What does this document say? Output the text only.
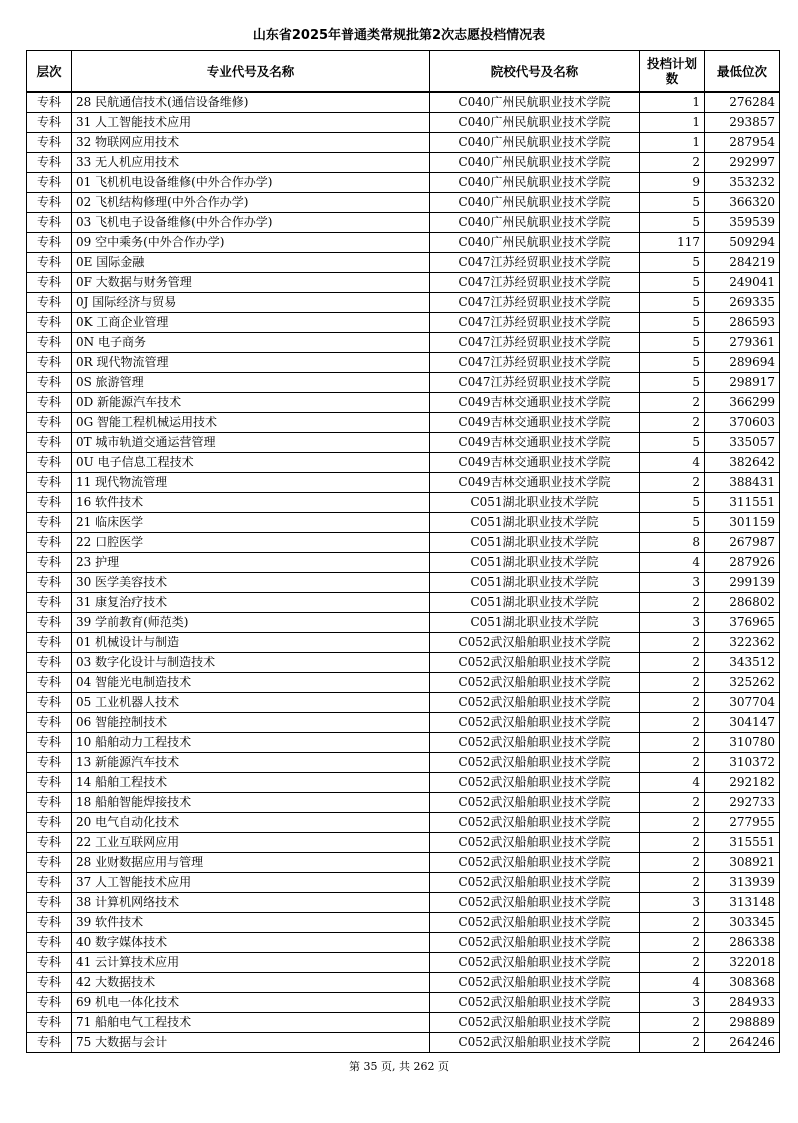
山东省2025年普通类常规批第2次志愿投档情况表
层次	专业代号及名称	院校代号及名称	投档计划数	最低位次
专科	28 民航通信技术(通信设备维修)	C040广州民航职业技术学院	1	276284
专科	31 人工智能技术应用	C040广州民航职业技术学院	1	293857
专科	32 物联网应用技术	C040广州民航职业技术学院	1	287954
专科	33 无人机应用技术	C040广州民航职业技术学院	2	292997
专科	01 飞机机电设备维修(中外合作办学)	C040广州民航职业技术学院	9	353232
专科	02 飞机结构修理(中外合作办学)	C040广州民航职业技术学院	5	366320
专科	03 飞机电子设备维修(中外合作办学)	C040广州民航职业技术学院	5	359539
专科	09 空中乘务(中外合作办学)	C040广州民航职业技术学院	117	509294
专科	0E 国际金融	C047江苏经贸职业技术学院	5	284219
专科	0F 大数据与财务管理	C047江苏经贸职业技术学院	5	249041
专科	0J 国际经济与贸易	C047江苏经贸职业技术学院	5	269335
专科	0K 工商企业管理	C047江苏经贸职业技术学院	5	286593
专科	0N 电子商务	C047江苏经贸职业技术学院	5	279361
专科	0R 现代物流管理	C047江苏经贸职业技术学院	5	289694
专科	0S 旅游管理	C047江苏经贸职业技术学院	5	298917
专科	0D 新能源汽车技术	C049吉林交通职业技术学院	2	366299
专科	0G 智能工程机械运用技术	C049吉林交通职业技术学院	2	370603
专科	0T 城市轨道交通运营管理	C049吉林交通职业技术学院	5	335057
专科	0U 电子信息工程技术	C049吉林交通职业技术学院	4	382642
专科	11 现代物流管理	C049吉林交通职业技术学院	2	388431
专科	16 软件技术	C051湖北职业技术学院	5	311551
专科	21 临床医学	C051湖北职业技术学院	5	301159
专科	22 口腔医学	C051湖北职业技术学院	8	267987
专科	23 护理	C051湖北职业技术学院	4	287926
专科	30 医学美容技术	C051湖北职业技术学院	3	299139
专科	31 康复治疗技术	C051湖北职业技术学院	2	286802
专科	39 学前教育(师范类)	C051湖北职业技术学院	3	376965
专科	01 机械设计与制造	C052武汉船舶职业技术学院	2	322362
专科	03 数字化设计与制造技术	C052武汉船舶职业技术学院	2	343512
专科	04 智能光电制造技术	C052武汉船舶职业技术学院	2	325262
专科	05 工业机器人技术	C052武汉船舶职业技术学院	2	307704
专科	06 智能控制技术	C052武汉船舶职业技术学院	2	304147
专科	10 船舶动力工程技术	C052武汉船舶职业技术学院	2	310780
专科	13 新能源汽车技术	C052武汉船舶职业技术学院	2	310372
专科	14 船舶工程技术	C052武汉船舶职业技术学院	4	292182
专科	18 船舶智能焊接技术	C052武汉船舶职业技术学院	2	292733
专科	20 电气自动化技术	C052武汉船舶职业技术学院	2	277955
专科	22 工业互联网应用	C052武汉船舶职业技术学院	2	315551
专科	28 业财数据应用与管理	C052武汉船舶职业技术学院	2	308921
专科	37 人工智能技术应用	C052武汉船舶职业技术学院	2	313939
专科	38 计算机网络技术	C052武汉船舶职业技术学院	3	313148
专科	39 软件技术	C052武汉船舶职业技术学院	2	303345
专科	40 数字媒体技术	C052武汉船舶职业技术学院	2	286338
专科	41 云计算技术应用	C052武汉船舶职业技术学院	2	322018
专科	42 大数据技术	C052武汉船舶职业技术学院	4	308368
专科	69 机电一体化技术	C052武汉船舶职业技术学院	3	284933
专科	71 船舶电气工程技术	C052武汉船舶职业技术学院	2	298889
专科	75 大数据与会计	C052武汉船舶职业技术学院	2	264246
第 35 页, 共 262 页
